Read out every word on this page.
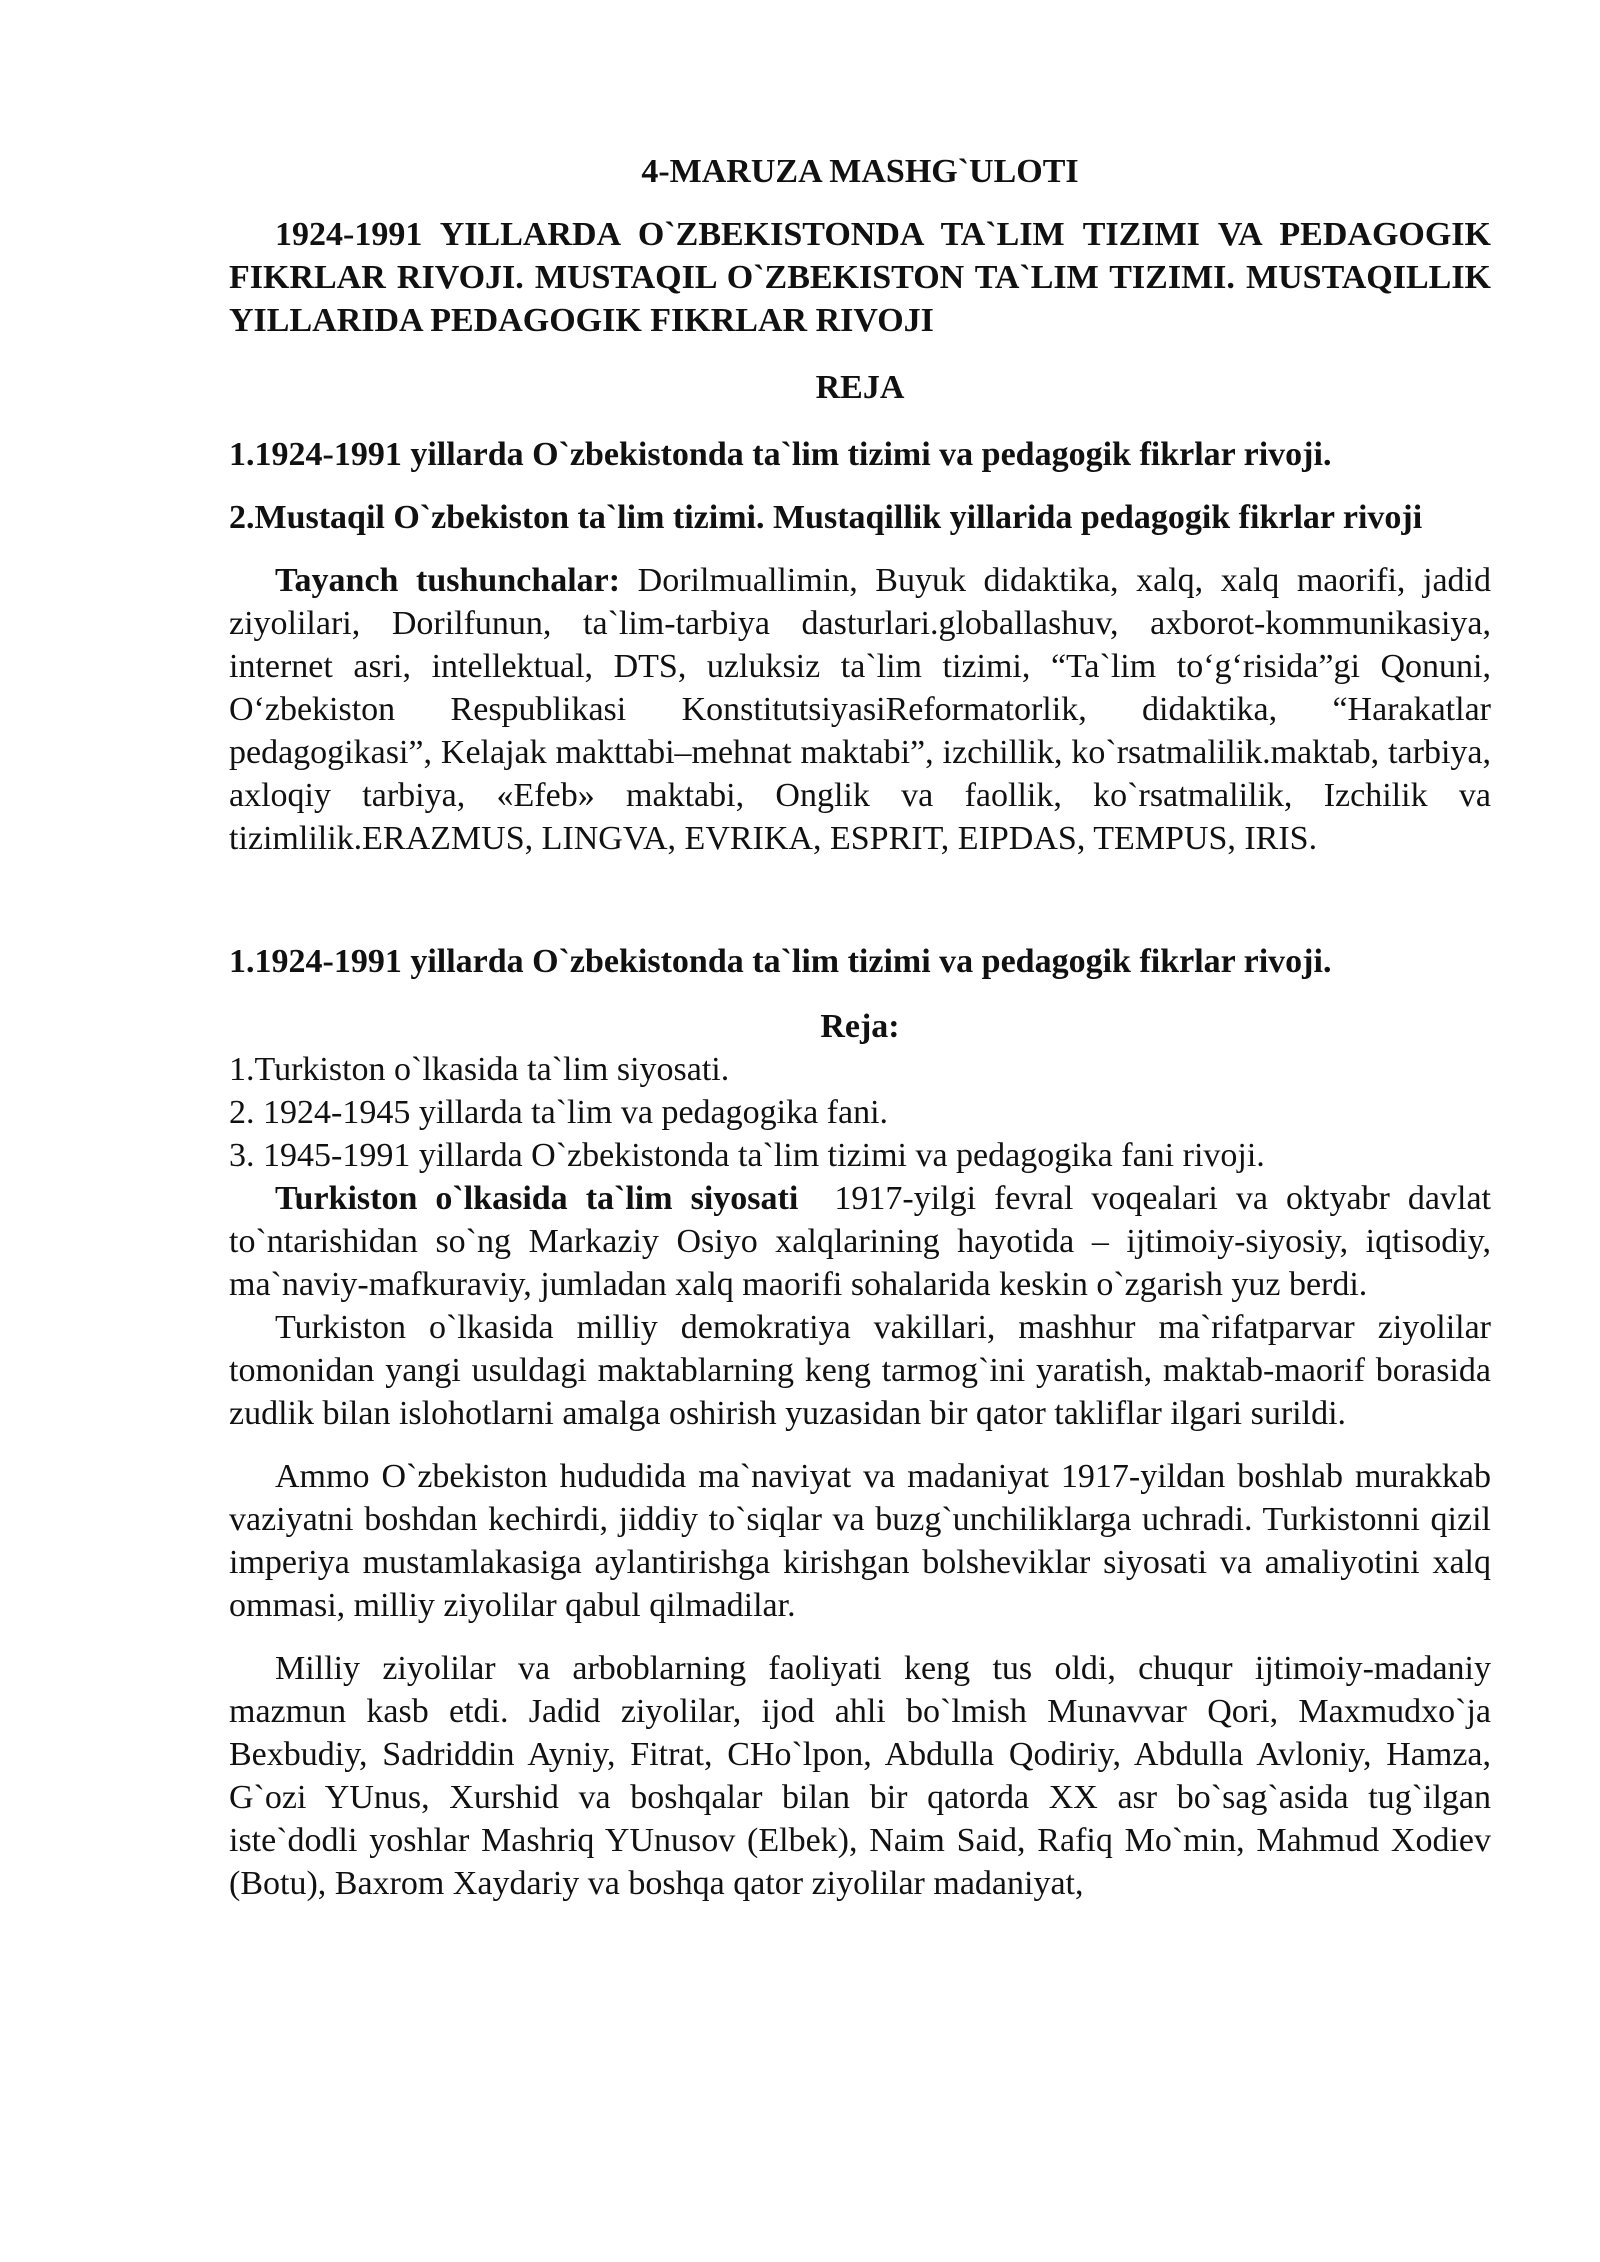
4-MARUZA MASHG`ULOTI

1924-1991 YILLARDA O`ZBEKISTONDA TA`LIM TIZIMI VA PEDAGOGIK FIKRLAR RIVOJI. MUSTAQIL O`ZBEKISTON TA`LIM TIZIMI. MUSTAQILLIK YILLARIDA PEDAGOGIK FIKRLAR RIVOJI

REJA

1.1924-1991 yillarda O`zbekistonda ta`lim tizimi va pedagogik fikrlar rivoji.

2.Mustaqil O`zbekiston ta`lim tizimi. Mustaqillik yillarida pedagogik fikrlar rivoji

Tayanch tushunchalar: Dorilmuallimin, Buyuk didaktika, xalq, xalq maorifi, jadid ziyolilari, Dorilfunun, ta`lim-tarbiya dasturlari.globallashuv, axborot-kommunikasiya, internet asri, intellektual, DTS, uzluksiz ta`lim tizimi, “Ta`lim to‘g‘risida”gi Qonuni, O‘zbekiston Respublikasi KonstitutsiyasiReformatorlik, didaktika, “Harakatlar pedagogikasi”, Kelajak makttabi–mehnat maktabi”, izchillik, ko`rsatmalilik.maktab, tarbiya, axloqiy tarbiya, «Efeb» maktabi, Onglik va faollik, ko`rsatmalilik, Izchilik va tizimlilik.ERAZMUS, LINGVA, EVRIKA, ESPRIT, EIPDAS, TEMPUS, IRIS.

1.1924-1991 yillarda O`zbekistonda ta`lim tizimi va pedagogik fikrlar rivoji.

Reja:

1.Turkiston o`lkasida ta`lim siyosati.

2. 1924-1945 yillarda ta`lim va pedagogika fani.

3. 1945-1991 yillarda O`zbekistonda ta`lim tizimi va pedagogika fani rivoji.

Turkiston o`lkasida ta`lim siyosati  1917-yilgi fevral voqealari va oktyabr davlat to`ntarishidan so`ng Markaziy Osiyo xalqlarining hayotida – ijtimoiy-siyosiy, iqtisodiy, ma`naviy-mafkuraviy, jumladan xalq maorifi sohalarida keskin o`zgarish yuz berdi.

Turkiston o`lkasida milliy demokratiya vakillari, mashhur ma`rifatparvar ziyolilar tomonidan yangi usuldagi maktablarning keng tarmog`ini yaratish, maktab-maorif borasida zudlik bilan islohotlarni amalga oshirish yuzasidan bir qator takliflar ilgari surildi.

Ammo O`zbekiston hududida ma`naviyat va madaniyat 1917-yildan boshlab murakkab vaziyatni boshdan kechirdi, jiddiy to`siqlar va buzg`unchiliklarga uchradi. Turkistonni qizil imperiya mustamlakasiga aylantirishga kirishgan bolsheviklar siyosati va amaliyotini xalq ommasi, milliy ziyolilar qabul qilmadilar.

Milliy ziyolilar va arboblarning faoliyati keng tus oldi, chuqur ijtimoiy-madaniy mazmun kasb etdi. Jadid ziyolilar, ijod ahli bo`lmish Munavvar Qori, Maxmudxo`ja Bexbudiy, Sadriddin Ayniy, Fitrat, CHo`lpon, Abdulla Qodiriy, Abdulla Avloniy, Hamza, G`ozi YUnus, Xurshid va boshqalar bilan bir qatorda XX asr bo`sag`asida tug`ilgan iste`dodli yoshlar Mashriq YUnusov (Elbek), Naim Said, Rafiq Mo`min, Mahmud Xodiev (Botu), Baxrom Xaydariy va boshqa qator ziyolilar madaniyat,
